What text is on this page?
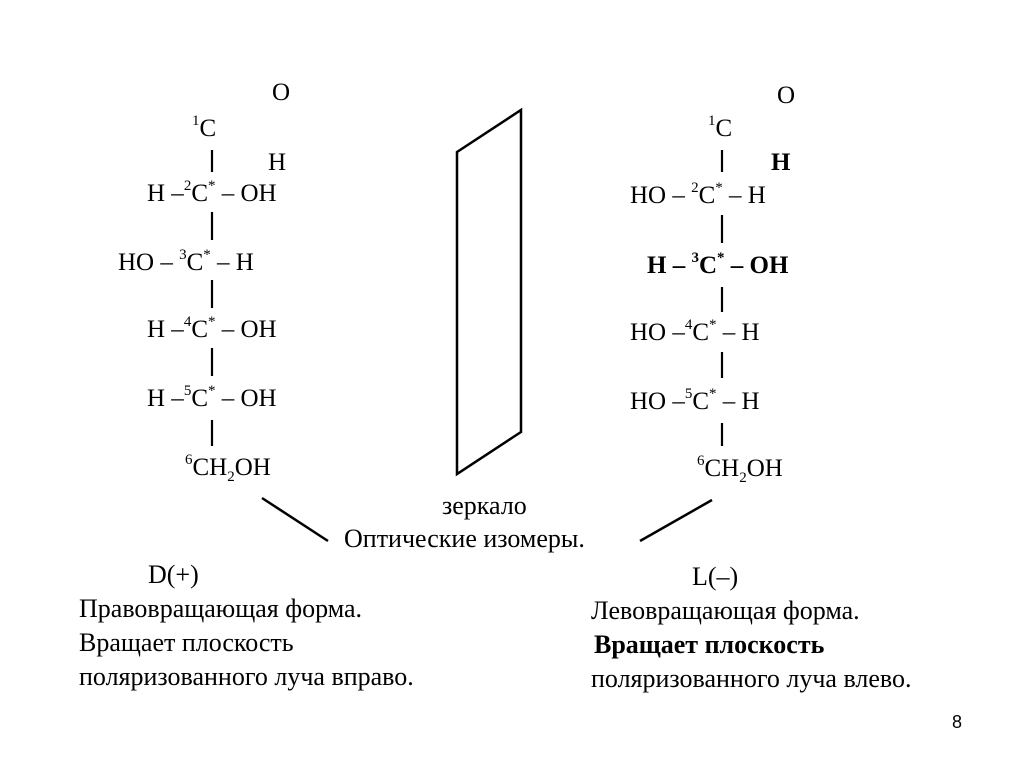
O
$^1$C
H
H –$^2$C* – OH
HO – $^3$C* – H
H –$^4$C* – OH
H –$^5$C* – OH
$^6CH_2OH$
O
$^1$C
H
HO – $^2$C* – H
H – $^3$C* – OH
HO –$^4$C* – H
HO –$^5$C* – H
$^6CH_2OH$
зеркало
Оптические изомеры.
D(+)
Правовращающая форма.
Вращает плоскость
поляризованного луча вправо.
L(–)
Левовращающая форма.
Вращает плоскость
поляризованного луча влево.
8
